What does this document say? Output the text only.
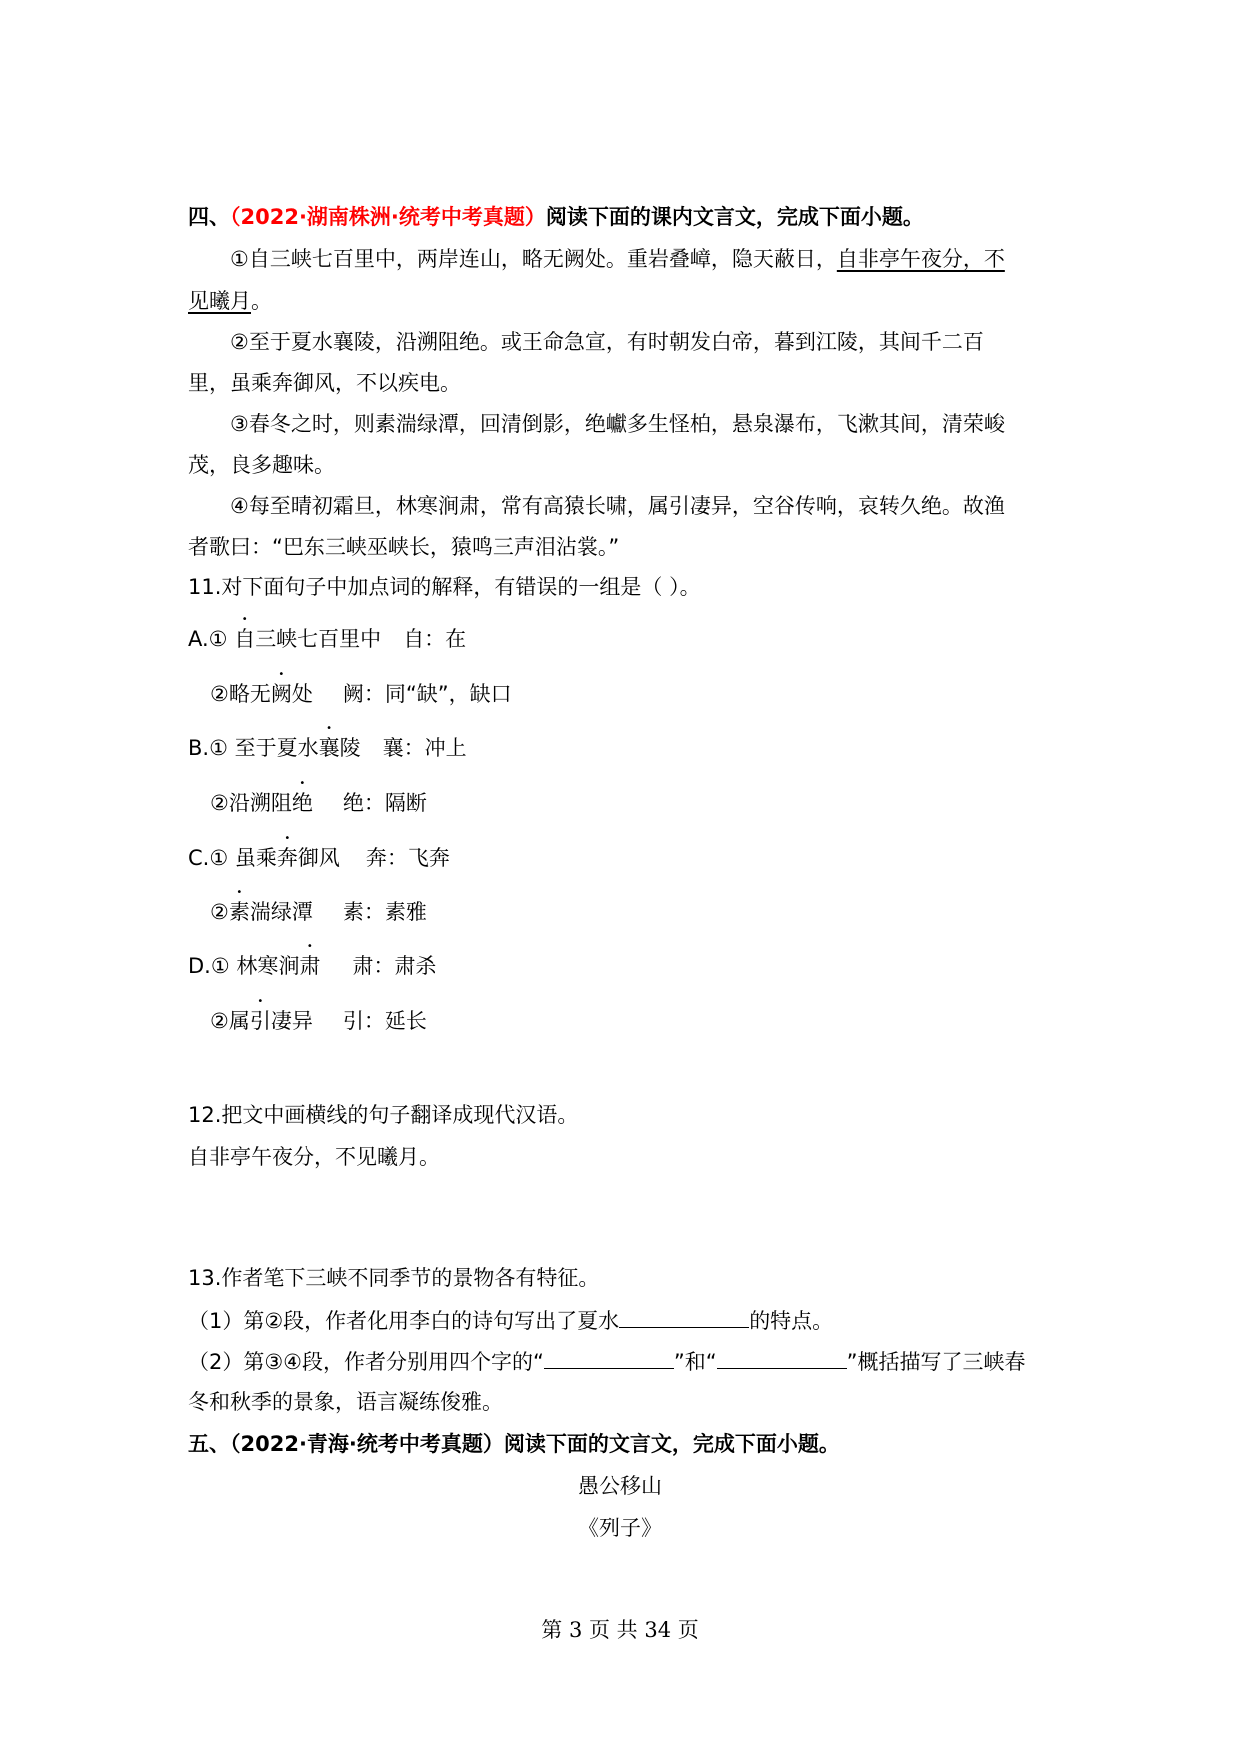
四、（2022·湖南株洲·统考中考真题）阅读下面的课内文言文，完成下面小题。
①自三峡七百里中，两岸连山，略无阙处。重岩叠嶂，隐天蔽日，自非亭午夜分，不
见曦月。
②至于夏水襄陵，沿溯阻绝。或王命急宣，有时朝发白帝，暮到江陵，其间千二百
里，虽乘奔御风，不以疾电。
③春冬之时，则素湍绿潭，回清倒影，绝巘多生怪柏，悬泉瀑布，飞漱其间，清荣峻
茂，良多趣味。
④每至晴初霜旦，林寒涧肃，常有高猿长啸，属引凄异，空谷传响，哀转久绝。故渔
者歌曰：“巴东三峡巫峡长，猿鸣三声泪沾裳。”
11.对下面句子中加点词的解释，有错误的一组是（ ）。
A.① 自三峡七百里中 自：在
②略无阙处 阙：同“缺”，缺口
B.① 至于夏水襄陵 襄：冲上
②沿溯阻绝 绝：隔断
C.① 虽乘奔御风 奔：飞奔
②素湍绿潭 素：素雅
D.① 林寒涧肃 肃：肃杀
②属引凄异 引：延长
12.把文中画横线的句子翻译成现代汉语。
自非亭午夜分，不见曦月。
13.作者笔下三峡不同季节的景物各有特征。
（1）第②段，作者化用李白的诗句写出了夏水	的特点。
（2）第③④段，作者分别用四个字的“	”和“	”概括描写了三峡春
冬和秋季的景象，语言凝练俊雅。
五、（2022·青海·统考中考真题）阅读下面的文言文，完成下面小题。
愚公移山
《列子》
第 3 页 共 34 页
